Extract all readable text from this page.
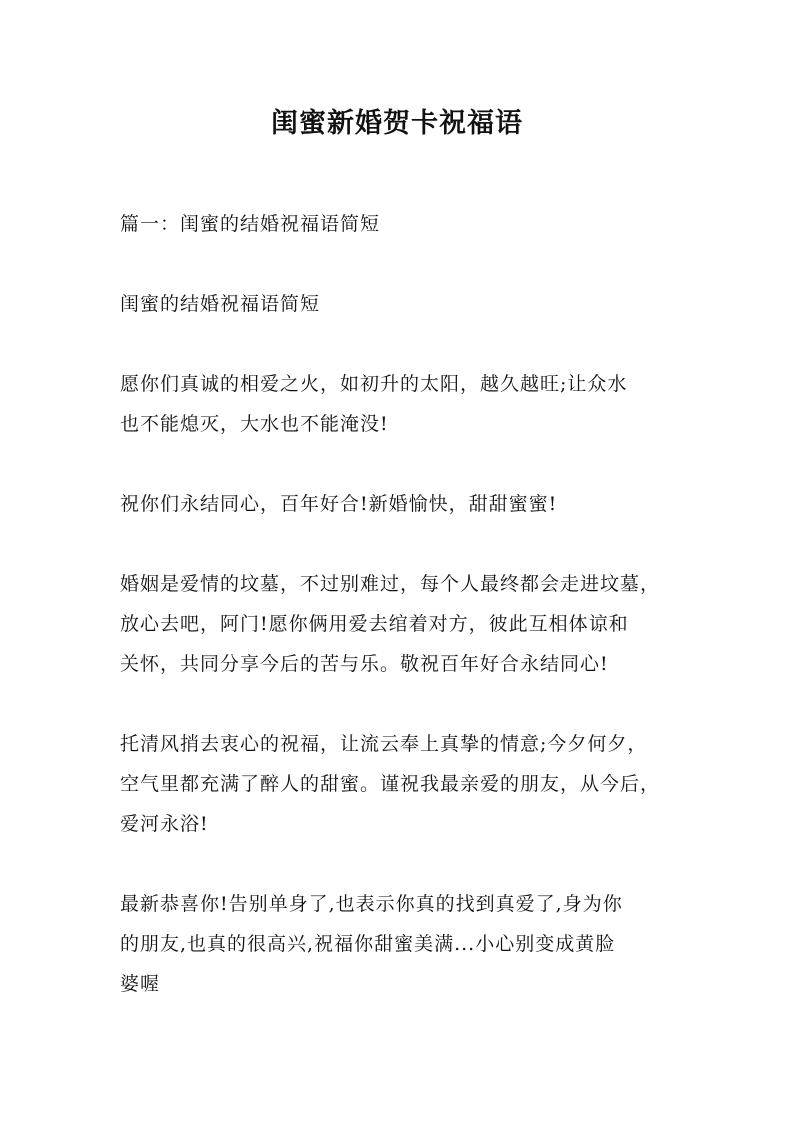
闺蜜新婚贺卡祝福语
篇一：闺蜜的结婚祝福语简短
闺蜜的结婚祝福语简短
愿你们真诚的相爱之火，如初升的太阳，越久越旺;让众水
也不能熄灭，大水也不能淹没!
祝你们永结同心，百年好合!新婚愉快，甜甜蜜蜜!
婚姻是爱情的坟墓，不过别难过，每个人最终都会走进坟墓，
放心去吧，阿门!愿你俩用爱去绾着对方，彼此互相体谅和
关怀，共同分享今后的苦与乐。敬祝百年好合永结同心!
托清风捎去衷心的祝福，让流云奉上真挚的情意;今夕何夕，
空气里都充满了醉人的甜蜜。谨祝我最亲爱的朋友，从今后，
爱河永浴!
最新恭喜你!告别单身了,也表示你真的找到真爱了,身为你
的朋友,也真的很高兴,祝福你甜蜜美满...小心别变成黄脸
婆喔
